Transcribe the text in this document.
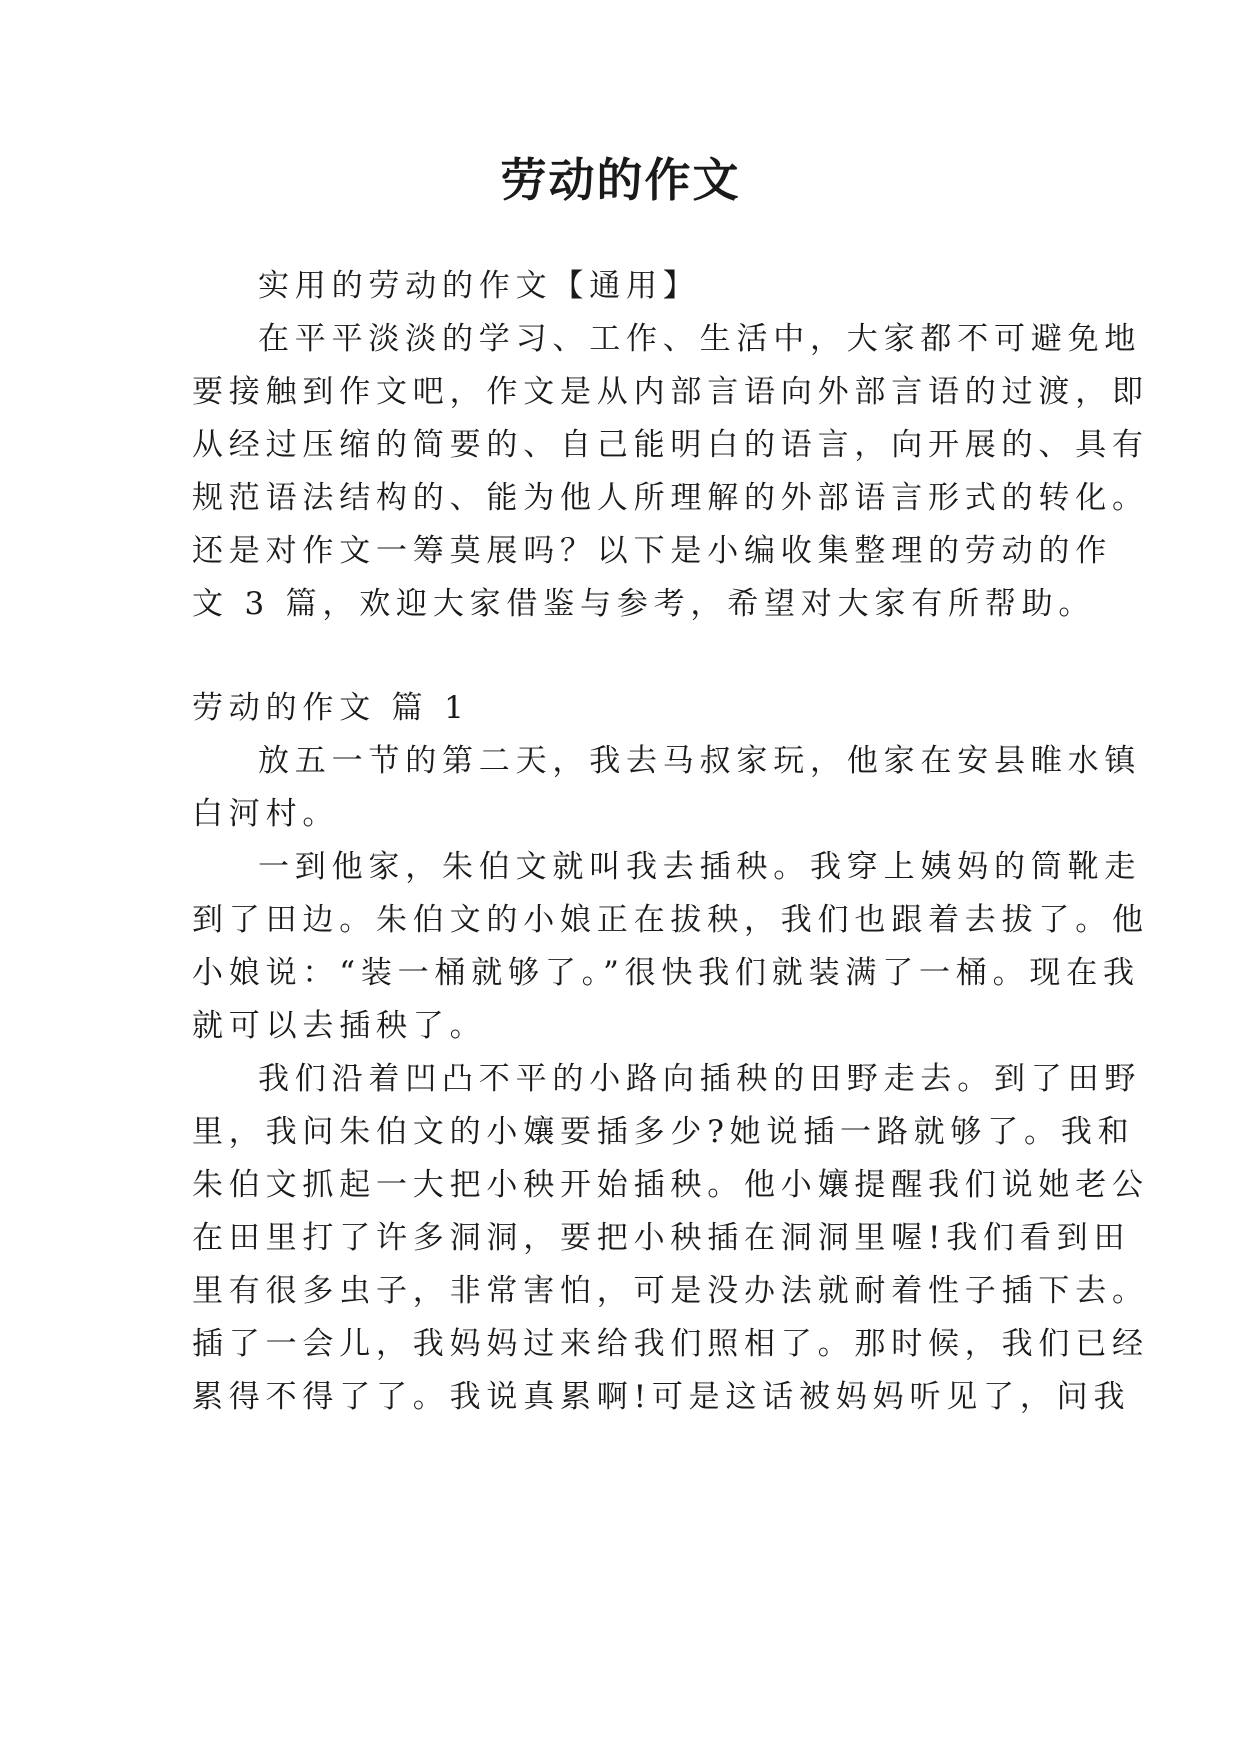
劳动的作文

实用的劳动的作文【通用】

在平平淡淡的学习、工作、生活中，大家都不可避免地

要接触到作文吧，作文是从内部言语向外部言语的过渡，即

从经过压缩的简要的、自己能明白的语言，向开展的、具有

规范语法结构的、能为他人所理解的外部语言形式的转化。

还是对作文一筹莫展吗？以下是小编收集整理的劳动的作

文 3 篇，欢迎大家借鉴与参考，希望对大家有所帮助。

劳动的作文 篇 1

放五一节的第二天，我去马叔家玩，他家在安县睢水镇

白河村。

一到他家，朱伯文就叫我去插秧。我穿上姨妈的筒靴走

到了田边。朱伯文的小娘正在拔秧，我们也跟着去拔了。他

小娘说：“装一桶就够了。”很快我们就装满了一桶。现在我

就可以去插秧了。

我们沿着凹凸不平的小路向插秧的田野走去。到了田野

里，我问朱伯文的小孃要插多少?她说插一路就够了。我和

朱伯文抓起一大把小秧开始插秧。他小孃提醒我们说她老公

在田里打了许多洞洞，要把小秧插在洞洞里喔!我们看到田

里有很多虫子，非常害怕，可是没办法就耐着性子插下去。

插了一会儿，我妈妈过来给我们照相了。那时候，我们已经

累得不得了了。我说真累啊!可是这话被妈妈听见了，问我
